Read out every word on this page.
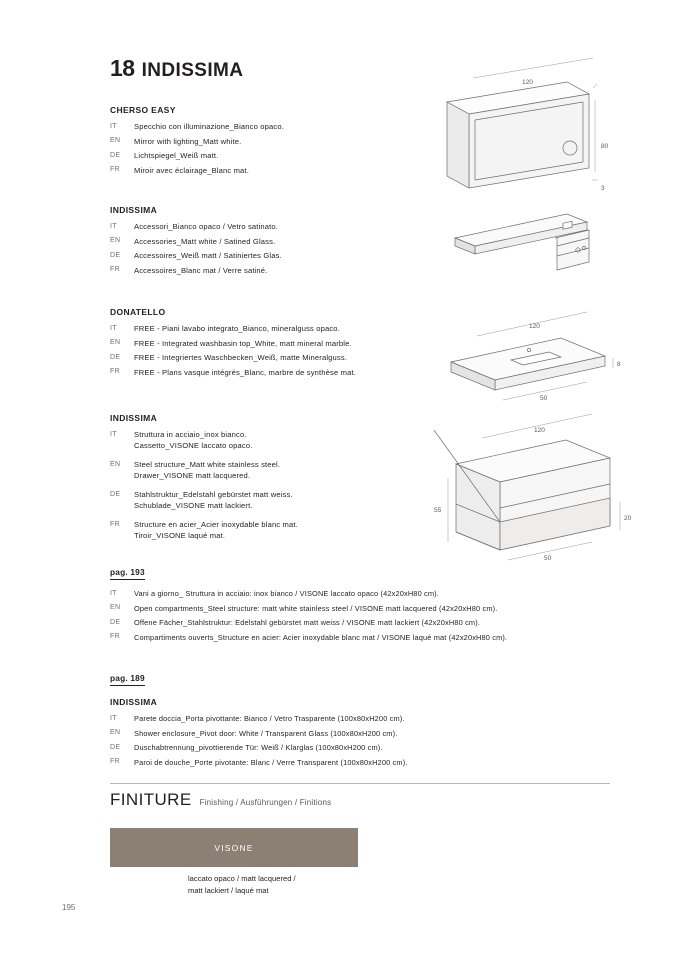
18 INDISSIMA
CHERSO EASY
IT	Specchio con illuminazione_Bianco opaco.
EN	Mirror with lighting_Matt white.
DE	Lichtspiegel_Weiß matt.
FR	Miroir avec éclairage_Blanc mat.
INDISSIMA
IT	Accessori_Bianco opaco / Vetro satinato.
EN	Accessories_Matt white / Satined Glass.
DE	Accessoires_Weiß matt / Satiniertes Glas.
FR	Accessoires_Blanc mat / Verre satiné.
DONATELLO
IT	FREE - Piani lavabo integrato_Bianco, mineralguss opaco.
EN	FREE - Integrated washbasin top_White, matt mineral marble.
DE	FREE - Integriertes Waschbecken_Weiß, matte Mineralguss.
FR	FREE - Plans vasque intégrés_Blanc, marbre de synthèse mat.
INDISSIMA
IT	Struttura in acciaio_inox bianco.
Cassetto_VISONE laccato opaco.
EN	Steel structure_Matt white stainless steel.
Drawer_VISONE matt lacquered.
DE	Stahlstruktur_Edelstahl gebürstet matt weiss.
Schublade_VISONE matt lackiert.
FR	Structure en acier_Acier inoxydable blanc mat.
Tiroir_VISONE laqué mat.
pag. 193
IT	Vani a giorno_ Struttura in acciaio: inox bianco / VISONE laccato opaco (42x20xH80 cm).
EN	Open compartments_Steel structure: matt white stainless steel / VISONE matt lacquered (42x20xH80 cm).
DE	Offene Fächer_Stahlstruktur: Edelstahl gebürstet matt weiss / VISONE matt lackiert (42x20xH80 cm).
FR	Compartiments ouverts_Structure en acier: Acier inoxydable blanc mat / VISONE laqué mat (42x20xH80 cm).
pag. 189
INDISSIMA
IT	Parete doccia_Porta pivottante: Bianco / Vetro Trasparente (100x80xH200 cm).
EN	Shower enclosure_Pivot door: White / Transparent Glass (100x80xH200 cm).
DE	Duschabtrennung_pivottierende Tür: Weiß / Klarglas (100x80xH200 cm).
FR	Paroi de douche_Porte pivotante: Blanc / Verre Transparent (100x80xH200 cm).
FINITURE Finishing / Ausführungen / Finitions
VISONE
laccato opaco / matt lacquered /
matt lackiert / laqué mat
195
120
80
3
120
8
50
120
55
20
50
